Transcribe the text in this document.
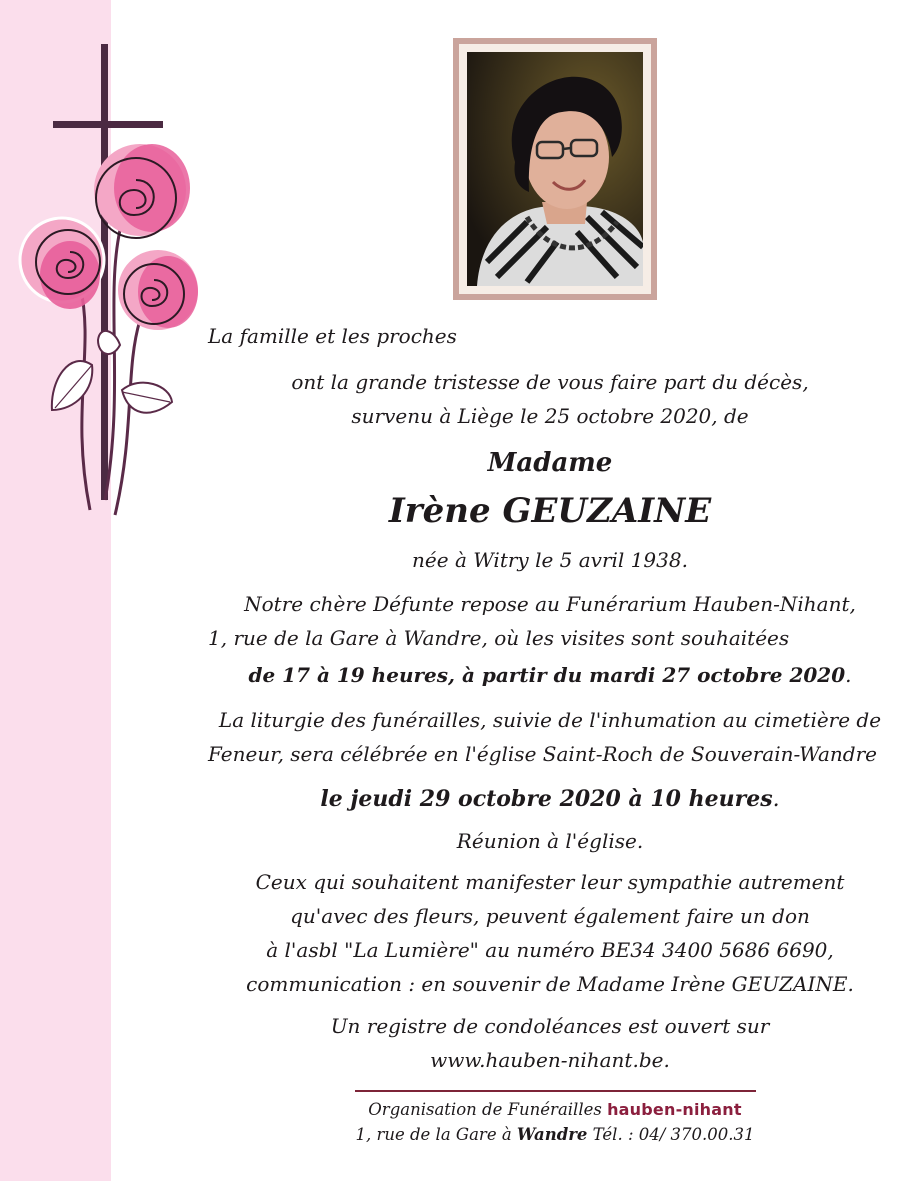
La famille et les proches
ont la grande tristesse de vous faire part du décès,
survenu à Liège le 25 octobre 2020, de
Madame
Irène GEUZAINE
née à Witry le 5 avril 1938.
Notre chère Défunte repose au Funérarium Hauben-Nihant,
1, rue de la Gare à Wandre, où les visites sont souhaitées
de 17 à 19 heures, à partir du mardi 27 octobre 2020.
La liturgie des funérailles, suivie de l'inhumation au cimetière de
Feneur, sera célébrée en l'église Saint-Roch de Souverain-Wandre
le jeudi 29 octobre 2020 à 10 heures.
Réunion à l'église.
Ceux qui souhaitent manifester leur sympathie autrement
qu'avec des fleurs, peuvent également faire un don
à l'asbl "La Lumière" au numéro BE34 3400 5686 6690,
communication : en souvenir de Madame Irène GEUZAINE.
Un registre de condoléances est ouvert sur
www.hauben-nihant.be.
Organisation de Funérailles hauben-nihant
1, rue de la Gare à Wandre Tél. : 04/ 370.00.31
